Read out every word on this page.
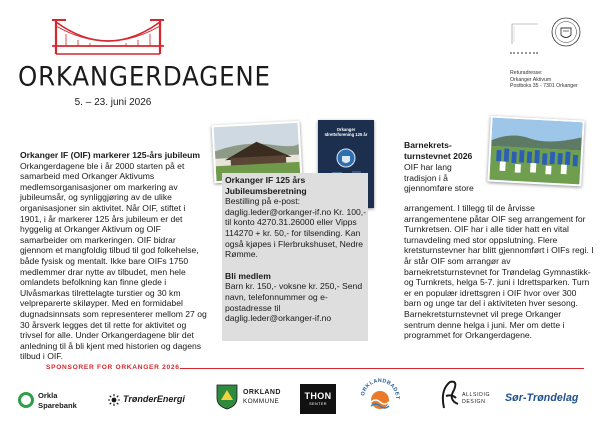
ORKANGERDAGENE
5. – 23. juni 2026
Returadresse:
Orkanger Aktivum
Postboks 35 - 7301 Orkanger
Orkanger IF (OIF) markerer 125-års jubileum
Orkangerdagene ble i år 2000 starten på et samarbeid med Orkanger Aktivums medlemsorganisasjoner om markering av jubileumsår, og synliggjøring av de ulike organisasjoner sin aktivitet. Når OIF, stiftet i 1901, i år markerer 125 års jubileum er det hyggelig at Orkanger Aktivum og OIF samarbeider om markeringen. OIF bidrar gjennom et mangfoldig tilbud til god folkehelse, både fysisk og mentalt. Ikke bare OIFs 1750 medlemmer drar nytte av tilbudet, men hele omlandets befolkning kan finne glede i Ulvåsmarkas tilrettelagte turstier og 30 km velpreparerte skiløyper. Med en formidabel dugnadsinnsats som representerer mellom 27 og 30 årsverk legges det til rette for aktivitet og trivsel for alle. Under Orkangerdagene blir det anledning til å bli kjent med historien og dagens tilbud i OIF.
Orkanger Idrettsforening 125 år
Orkanger IF 125 års Jubileumsberetning
Bestilling på e-post: daglig.leder@orkanger-if.no Kr. 100,- til konto 4270.31.26000 eller Vipps 114270 + kr. 50,- for tilsending. Kan også kjøpes i Flerbrukshuset, Nedre Rømme.
Bli medlem
Barn kr. 150,- voksne kr. 250,- Send navn, telefonnummer og e-postadresse til daglig.leder@orkanger-if.no
Barnekrets-turnstevnet 2026
OIF har lang tradisjon i å gjennomføre store
arrangement. I tillegg til de årvisse arrangementene påtar OIF seg arrangement for Turnkretsen. OIF har i alle tider hatt en vital turnavdeling med stor oppslutning. Flere kretsturnstevner har blitt gjennomført i OIFs regi. I år står OIF som arrangør av barnekretsturnstevnet for Trøndelag Gymnastikk- og Turnkrets, helga 5-7. juni i Idrettsparken. Turn er en populær idrettsgren i OIF hvor over 300 barn og unge tar del i aktiviteten hver sesong. Barnekretsturnstevnet vil prege Orkanger sentrum denne helga i juni. Mer om dette i programmet for Orkangerdagene.
SPONSORER FOR ORKANGER 2026
Orkla
Sparebank
TrønderEnergi
ORKLAND
KOMMUNE
THON
SENTER
ORKLANDBADET	ALLSIDIG
DESIGN Sør-Trøndelag
